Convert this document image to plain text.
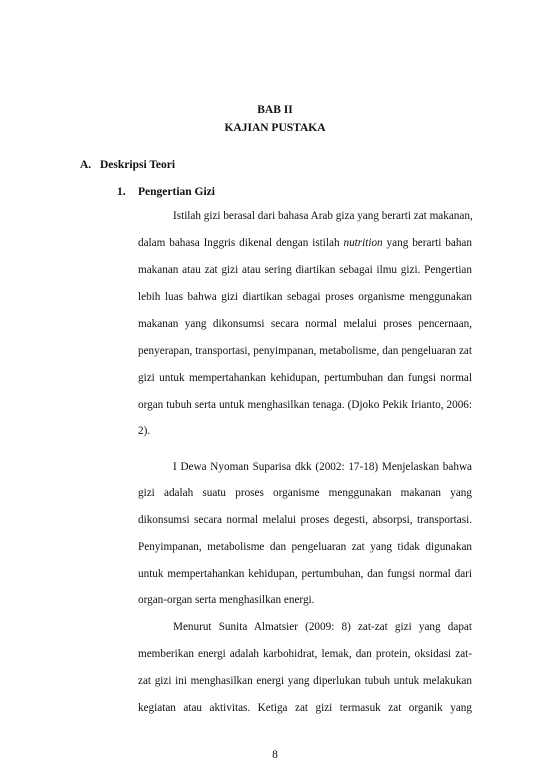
BAB II
KAJIAN PUSTAKA
A. Deskripsi Teori
1. Pengertian Gizi
Istilah gizi berasal dari bahasa Arab giza yang berarti zat makanan,
dalam bahasa Inggris dikenal dengan istilah nutrition yang berarti bahan
makanan atau zat gizi atau sering diartikan sebagai ilmu gizi. Pengertian
lebih luas bahwa gizi diartikan sebagai proses organisme menggunakan
makanan yang dikonsumsi secara normal melalui proses pencernaan,
penyerapan, transportasi, penyimpanan, metabolisme, dan pengeluaran zat
gizi untuk mempertahankan kehidupan, pertumbuhan dan fungsi normal
organ tubuh serta untuk menghasilkan tenaga. (Djoko Pekik Irianto, 2006:
2).
I Dewa Nyoman Suparisa dkk (2002: 17-18) Menjelaskan bahwa
gizi adalah suatu proses organisme menggunakan makanan yang
dikonsumsi secara normal melalui proses degesti, absorpsi, transportasi.
Penyimpanan, metabolisme dan pengeluaran zat yang tidak digunakan
untuk mempertahankan kehidupan, pertumbuhan, dan fungsi normal dari
organ-organ serta menghasilkan energi.
Menurut Sunita Almatsier (2009: 8) zat-zat gizi yang dapat
memberikan energi adalah karbohidrat, lemak, dan protein, oksidasi zat-
zat gizi ini menghasilkan energi yang diperlukan tubuh untuk melakukan
kegiatan atau aktivitas. Ketiga zat gizi termasuk zat organik yang
8
